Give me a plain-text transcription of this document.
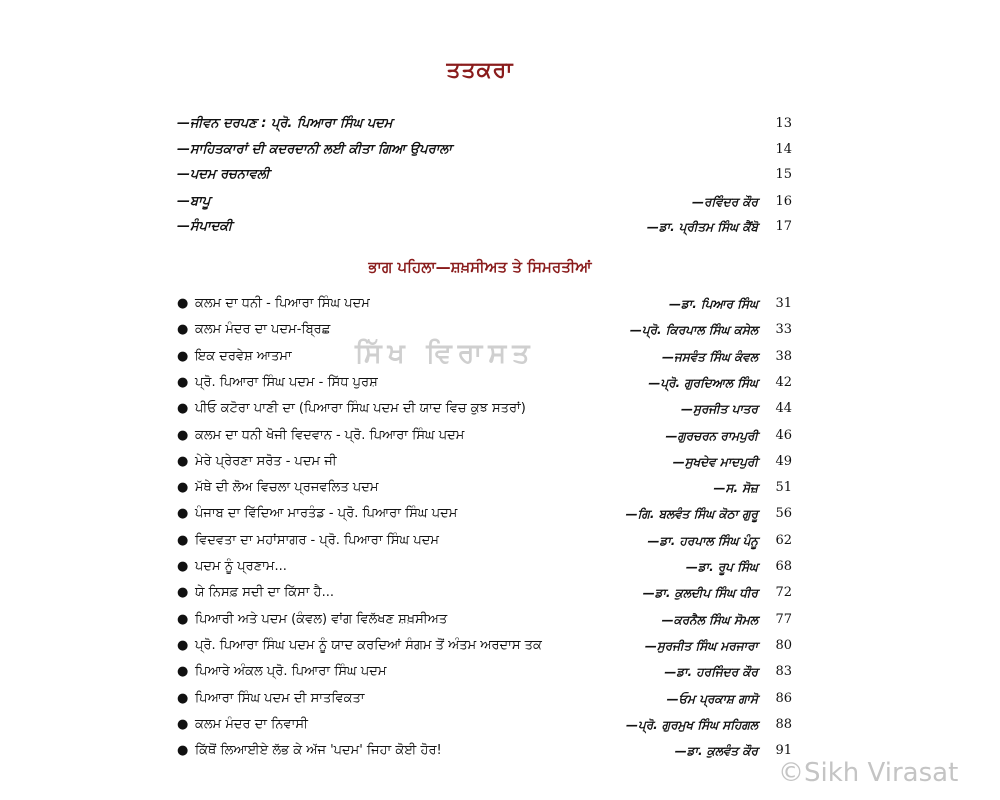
ਤਤਕਰਾ
—ਜੀਵਨ ਦਰਪਣ : ਪ੍ਰੋ. ਪਿਆਰਾ ਸਿੰਘ ਪਦਮ	13
—ਸਾਹਿਤਕਾਰਾਂ ਦੀ ਕਦਰਦਾਨੀ ਲਈ ਕੀਤਾ ਗਿਆ ਉਪਰਾਲਾ	14
—ਪਦਮ ਰਚਨਾਵਲੀ	15
—ਬਾਪੂ	—ਰਵਿੰਦਰ ਕੌਰ	16
—ਸੰਪਾਦਕੀ	—ਡਾ. ਪ੍ਰੀਤਮ ਸਿੰਘ ਕੈਂਬੋ	17
ਭਾਗ ਪਹਿਲਾ—ਸ਼ਖ਼ਸੀਅਤ ਤੇ ਸਿਮਰਤੀਆਂ
● ਕਲਮ ਦਾ ਧਨੀ - ਪਿਆਰਾ ਸਿੰਘ ਪਦਮ	—ਡਾ. ਪਿਆਰ ਸਿੰਘ	31
● ਕਲਮ ਮੰਦਰ ਦਾ ਪਦਮ-ਬ੍ਰਿਛ	—ਪ੍ਰੋ. ਕਿਰਪਾਲ ਸਿੰਘ ਕਸੇਲ	33
● ਇਕ ਦਰਵੇਸ਼ ਆਤਮਾ	—ਜਸਵੰਤ ਸਿੰਘ ਕੰਵਲ	38
● ਪ੍ਰੋ. ਪਿਆਰਾ ਸਿੰਘ ਪਦਮ - ਸਿੱਧ ਪੁਰਸ਼	—ਪ੍ਰੋ. ਗੁਰਦਿਆਲ ਸਿੰਘ	42
● ਪੀਓ ਕਟੋਰਾ ਪਾਣੀ ਦਾ (ਪਿਆਰਾ ਸਿੰਘ ਪਦਮ ਦੀ ਯਾਦ ਵਿਚ ਕੁਝ ਸਤਰਾਂ)	—ਸੁਰਜੀਤ ਪਾਤਰ	44
● ਕਲਮ ਦਾ ਧਨੀ ਖੋਜੀ ਵਿਦਵਾਨ - ਪ੍ਰੋ. ਪਿਆਰਾ ਸਿੰਘ ਪਦਮ	—ਗੁਰਚਰਨ ਰਾਮਪੁਰੀ	46
● ਮੇਰੇ ਪ੍ਰੇਰਣਾ ਸਰੋਤ - ਪਦਮ ਜੀ	—ਸੁਖਦੇਵ ਮਾਦਪੁਰੀ	49
● ਮੱਥੇ ਦੀ ਲੋਅ ਵਿਚਲਾ ਪ੍ਰਜਵਲਿਤ ਪਦਮ	—ਸ. ਸੋਜ਼	51
● ਪੰਜਾਬ ਦਾ ਵਿੱਦਿਆ ਮਾਰਤੰਡ - ਪ੍ਰੋ. ਪਿਆਰਾ ਸਿੰਘ ਪਦਮ	—ਗਿ. ਬਲਵੰਤ ਸਿੰਘ ਕੋਠਾ ਗੁਰੂ	56
● ਵਿਦਵਤਾ ਦਾ ਮਹਾਂਸਾਗਰ - ਪ੍ਰੋ. ਪਿਆਰਾ ਸਿੰਘ ਪਦਮ	—ਡਾ. ਹਰਪਾਲ ਸਿੰਘ ਪੰਨੂ	62
● ਪਦਮ ਨੂੰ ਪ੍ਰਣਾਮ...	—ਡਾ. ਰੂਪ ਸਿੰਘ	68
● ਯੇ ਨਿਸਫ਼ ਸਦੀ ਦਾ ਕਿੱਸਾ ਹੈ...	—ਡਾ. ਕੁਲਦੀਪ ਸਿੰਘ ਧੀਰ	72
● ਪਿਆਰੀ ਅਤੇ ਪਦਮ (ਕੰਵਲ) ਵਾਂਗ ਵਿਲੱਖਣ ਸ਼ਖ਼ਸੀਅਤ	—ਕਰਨੈਲ ਸਿੰਘ ਸੋਮਲ	77
● ਪ੍ਰੋ. ਪਿਆਰਾ ਸਿੰਘ ਪਦਮ ਨੂੰ ਯਾਦ ਕਰਦਿਆਂ ਸੰਗਮ ਤੋਂ ਅੰਤਮ ਅਰਦਾਸ ਤਕ	—ਸੁਰਜੀਤ ਸਿੰਘ ਮਰਜਾਰਾ	80
● ਪਿਆਰੇ ਅੰਕਲ ਪ੍ਰੋ. ਪਿਆਰਾ ਸਿੰਘ ਪਦਮ	—ਡਾ. ਹਰਜਿੰਦਰ ਕੌਰ	83
● ਪਿਆਰਾ ਸਿੰਘ ਪਦਮ ਦੀ ਸਾਤਵਿਕਤਾ	—ਓਮ ਪ੍ਰਕਾਸ਼ ਗਾਸੋ	86
● ਕਲਮ ਮੰਦਰ ਦਾ ਨਿਵਾਸੀ	—ਪ੍ਰੋ. ਗੁਰਮੁਖ ਸਿੰਘ ਸਹਿਗਲ	88
● ਕਿੱਥੋਂ ਲਿਆਈਏ ਲੱਭ ਕੇ ਅੱਜ 'ਪਦਮ' ਜਿਹਾ ਕੋਈ ਹੋਰ!	—ਡਾ. ਕੁਲਵੰਤ ਕੌਰ	91
ਸਿੱਖ ਵਿਰਾਸਤ
©Sikh Virasat
